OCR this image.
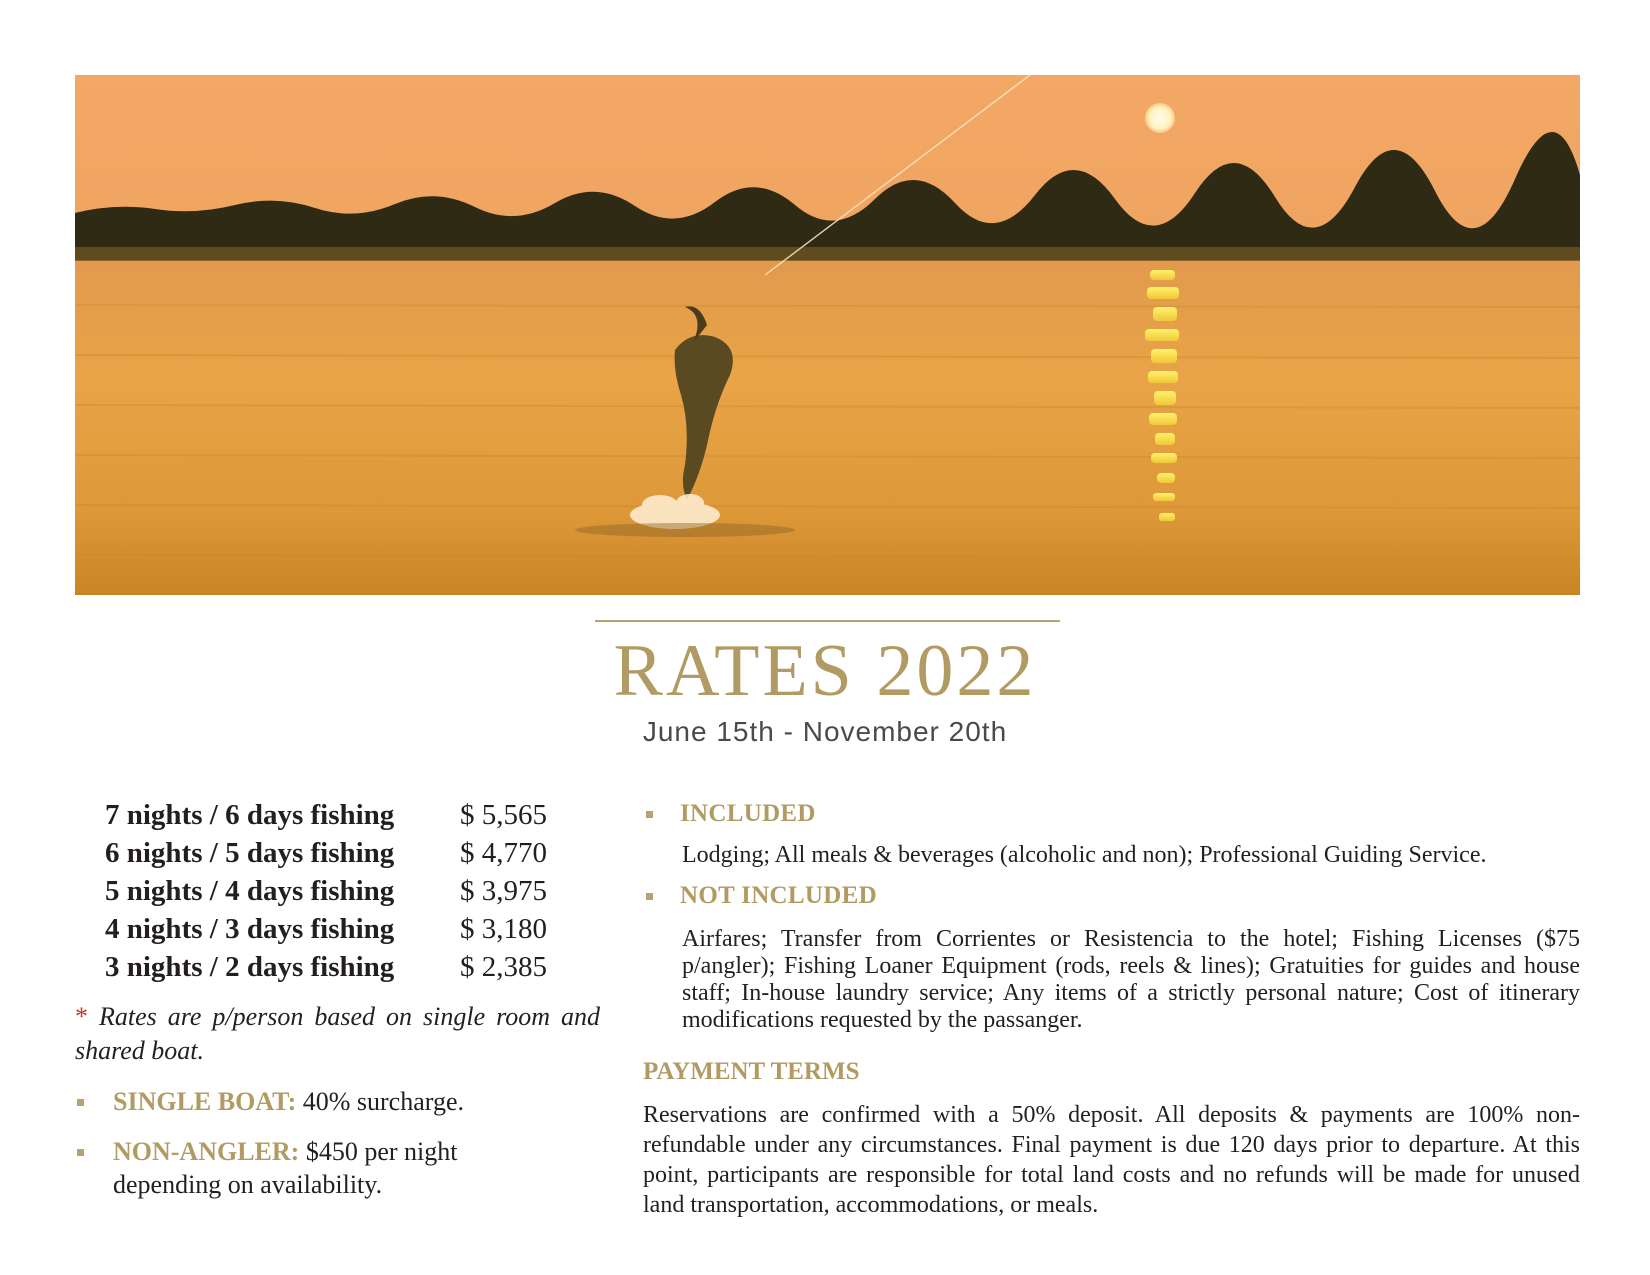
RATES 2022
June 15th - November 20th
7 nights / 6 days fishing $ 5,565
6 nights / 5 days fishing $ 4,770
5 nights / 4 days fishing $ 3,975
4 nights / 3 days fishing $ 3,180
3 nights / 2 days fishing $ 2,385
* Rates are p/person based on single room and shared boat.
SINGLE BOAT: 40% surcharge.
NON-ANGLER: $450 per night depending on availability.
INCLUDED
Lodging; All meals & beverages (alcoholic and non); Professional Guiding Service.
NOT INCLUDED
Airfares; Transfer from Corrientes or Resistencia to the hotel; Fishing Licenses ($75 p/angler); Fishing Loaner Equipment (rods, reels & lines); Gratuities for guides and house staff; In-house laundry service; Any items of a strictly personal nature; Cost of itinerary modifications requested by the passanger.
PAYMENT TERMS
Reservations are confirmed with a 50% deposit. All deposits & payments are 100% non-refundable under any circumstances. Final payment is due 120 days prior to departure. At this point, participants are responsible for total land costs and no refunds will be made for unused land transportation, accommodations, or meals.
